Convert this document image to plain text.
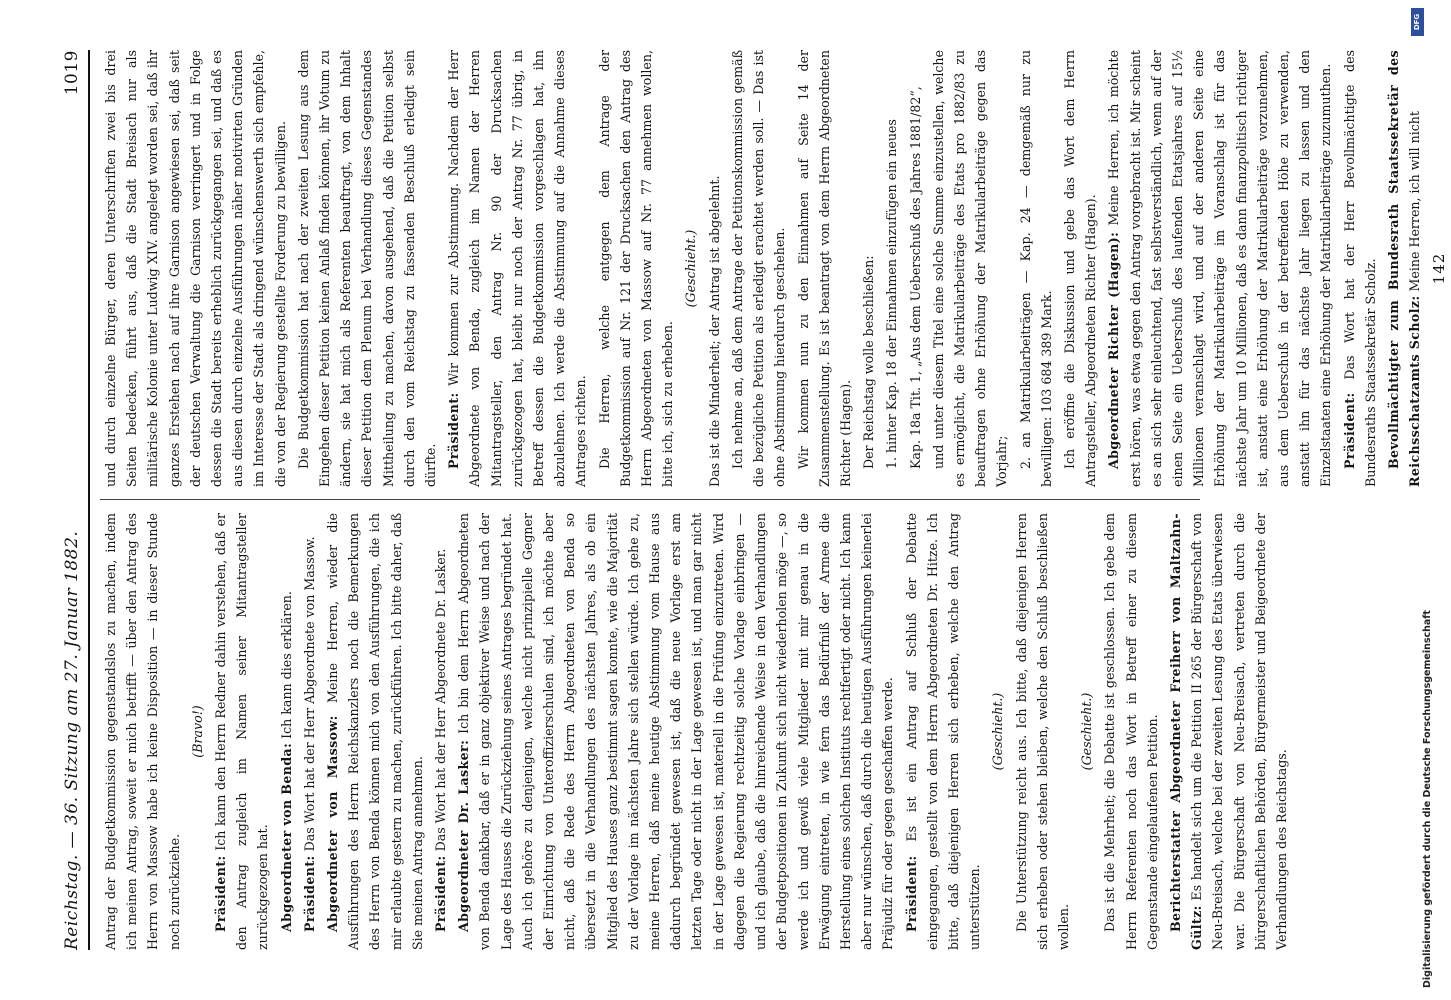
Reichstag. — 36. Sitzung am 27. Januar 1882.
1019

Antrag der Budgetkommission gegenstandslos zu machen, indem ich meinen Antrag, soweit er mich betrifft — über den Antrag des Herrn von Massow habe ich keine Disposition — in dieser Stunde noch zurückziehe.

(Bravo!)

Präsident: Ich kann den Herrn Redner dahin verstehen, daß er den Antrag zugleich im Namen seiner Mitantragsteller zurückgezogen hat. Abgeordneter von Benda: Ich kann dies erklären.

Präsident: Das Wort hat der Herr Abgeordnete von Massow. Abgeordneter von Massow: Meine Herren, wieder die Ausführungen des Herrn Reichskanzlers noch die Bemerkungen des Herrn von Benda können mich von den Ausführungen, die ich mir erlaubte gestern zu machen, zurückführen. Ich bitte daher, daß Sie meinen Antrag annehmen. Präsident: Das Wort hat der Herr Abgeordnete Dr. Lasker. Abgeordneter Dr. Lasker: Ich bin dem Herrn Abgeordneten von Benda dankbar, daß er in ganz objektiver Weise und nach der Lage des Hauses die Zurückziehung seines Antrages begründet hat. Auch ich gehöre zu denjenigen, welche nicht prinzipielle Gegner der Einrichtung von Unteroffizierschulen sind, ich möchte aber nicht, daß die Rede des Herrn Abgeordneten von Benda so übersetzt in die Verhandlungen des nächsten Jahres, als ob ein Mitglied des Hauses ganz bestimmt sagen konnte, wie die Majorität zu der Vorlage im nächsten Jahre sich stellen würde. Ich gehe zu, meine Herren, daß meine heutige Abstimmung vom Hause aus dadurch begründet gewesen ist, daß die neue Vorlage erst am letzten Tage oder nicht in der Lage gewesen ist, und man gar nicht in der Lage gewesen ist, materiell in die Prüfung einzutreten. Wird dagegen die Regierung rechtzeitig solche Vorlage einbringen — und ich glaube, daß die hinreichende Weise in den Verhandlungen der Budgetpositionen in Zukunft sich nicht wiederholen möge —, so werde ich und gewiß viele Mitglieder mit mir genau in die Erwägung eintreten, in wie fern das Bedürfniß der Armee die Herstellung eines solchen Instituts rechtfertigt oder nicht. Ich kann aber nur wünschen, daß durch die heutigen Ausführungen keinerlei Präjudiz für oder gegen geschaffen werde. Präsident: Es ist ein Antrag auf Schluß der Debatte eingegangen, gestellt von dem Herrn Abgeordneten Dr. Hitze. Ich bitte, daß diejenigen Herren sich erheben, welche den Antrag unterstützen.

(Geschieht.) Die Unterstützung reicht aus. Ich bitte, daß diejenigen Herren sich erheben oder stehen bleiben, welche den Schluß beschließen wollen.

(Geschieht.) Das ist die Mehrheit; die Debatte ist geschlossen. Ich gebe dem Herrn Referenten noch das Wort in Betreff einer zu diesem Gegenstande eingelaufenen Petition. Berichterstatter Abgeordneter Freiherr von Maltzahn-Gültz: Es handelt sich um die Petition II 265 der Bürgerschaft von Neu-Breisach, welche bei der zweiten Lesung des Etats überwiesen war. Die Bürgerschaft von Neu-Breisach, vertreten durch die bürgerschaftlichen Behörden, Bürgermeister und Beigeordnete der Verhandlungen des Reichstags.

und durch einzelne Bürger, deren Unterschriften zwei bis drei Seiten bedecken, führt aus, daß die Stadt Breisach nur als militärische Kolonie unter Ludwig XIV. angelegt worden sei, daß ihr ganzes Erstehen nach auf ihre Garnison angewiesen sei, daß seit der deutschen Verwaltung die Garnison verringert und in Folge dessen die Stadt bereits erheblich zurückgegangen sei, und daß es aus diesen durch einzelne Ausführungen näher motivirten Gründen im Interesse der Stadt als dringend wünschenswerth sich empfehle, die von der Regierung gestellte Forderung zu bewilligen. Die Budgetkommission hat nach der zweiten Lesung aus dem Eingehen dieser Petition keinen Anlaß finden können, ihr Votum zu ändern, sie hat mich als Referenten beauftragt, von dem Inhalt dieser Petition dem Plenum bei Verhandlung dieses Gegenstandes Mittheilung zu machen, davon ausgehend, daß die Petition selbst durch den vom Reichstag zu fassenden Beschluß erledigt sein dürfte. Präsident: Wir kommen zur Abstimmung. Nachdem der Herr Abgeordnete von Benda, zugleich im Namen der Herren Mitantragsteller, den Antrag Nr. 90 der Drucksachen zurückgezogen hat, bleibt nur noch der Antrag Nr. 77 übrig, in Betreff dessen die Budgetkommission vorgeschlagen hat, ihn abzulehnen. Ich werde die Abstimmung auf die Annahme dieses Antrages richten. Die Herren, welche entgegen dem Antrage der Budgetkommission auf Nr. 121 der Drucksachen den Antrag des Herrn Abgeordneten von Massow auf Nr. 77 annehmen wollen, bitte ich, sich zu erheben.

(Geschieht.) Das ist die Minderheit; der Antrag ist abgelehnt. Ich nehme an, daß dem Antrage der Petitionskommission gemäß die bezügliche Petition als erledigt erachtet werden soll. — Das ist ohne Abstimmung hierdurch geschehen. Wir kommen nun zu den Einnahmen auf Seite 14 der Zusammenstellung. Es ist beantragt von dem Herrn Abgeordneten Richter (Hagen). Der Reichstag wolle beschließen: 1. hinter Kap. 18 der Einnahmen einzufügen ein neues Kap. 18a Tit. 1, „Aus dem Ueberschuß des Jahres 1881/82“, und unter diesem Titel eine solche Summe einzustellen, welche es ermöglicht, die Matrikularbeiträge des Etats pro 1882/83 zu beauftragen ohne Erhöhung der Matrikularbeiträge gegen das Vorjahr; 2. an Matrikularbeiträgen — Kap. 24 — demgemäß nur zu bewilligen: 103 684 389 Mark. Ich eröffne die Diskussion und gebe das Wort dem Herrn Antragsteller, Abgeordneten Richter (Hagen). Abgeordneter Richter (Hagen): Meine Herren, ich möchte erst hören, was etwa gegen den Antrag vorgebracht ist. Mir scheint es an sich sehr einleuchtend, fast selbstverständlich, wenn auf der einen Seite ein Ueberschuß des laufenden Etatsjahres auf 15½ Millionen veranschlagt wird, und auf der anderen Seite eine Erhöhung der Matrikularbeiträge im Voranschlag ist für das nächste Jahr um 10 Millionen, daß es dann finanzpolitisch richtiger ist, anstatt eine Erhöhung der Matrikularbeiträge vorzunehmen, aus dem Ueberschuß in der betreffenden Höhe zu verwenden, anstatt ihn für das nächste Jahr liegen zu lassen und den Einzelstaaten eine Erhöhung der Matrikularbeiträge zuzumuthen. Präsident: Das Wort hat der Herr Bevollmächtigte des Bundesraths Staatssekretär Scholz. Bevollmächtigter zum Bundesrath Staatssekretär des Reichsschatzamts Scholz: Meine Herren, ich will nicht 142
Digitalisierung gefördert durch die Deutsche Forschungsgemeinschaft
DFG
